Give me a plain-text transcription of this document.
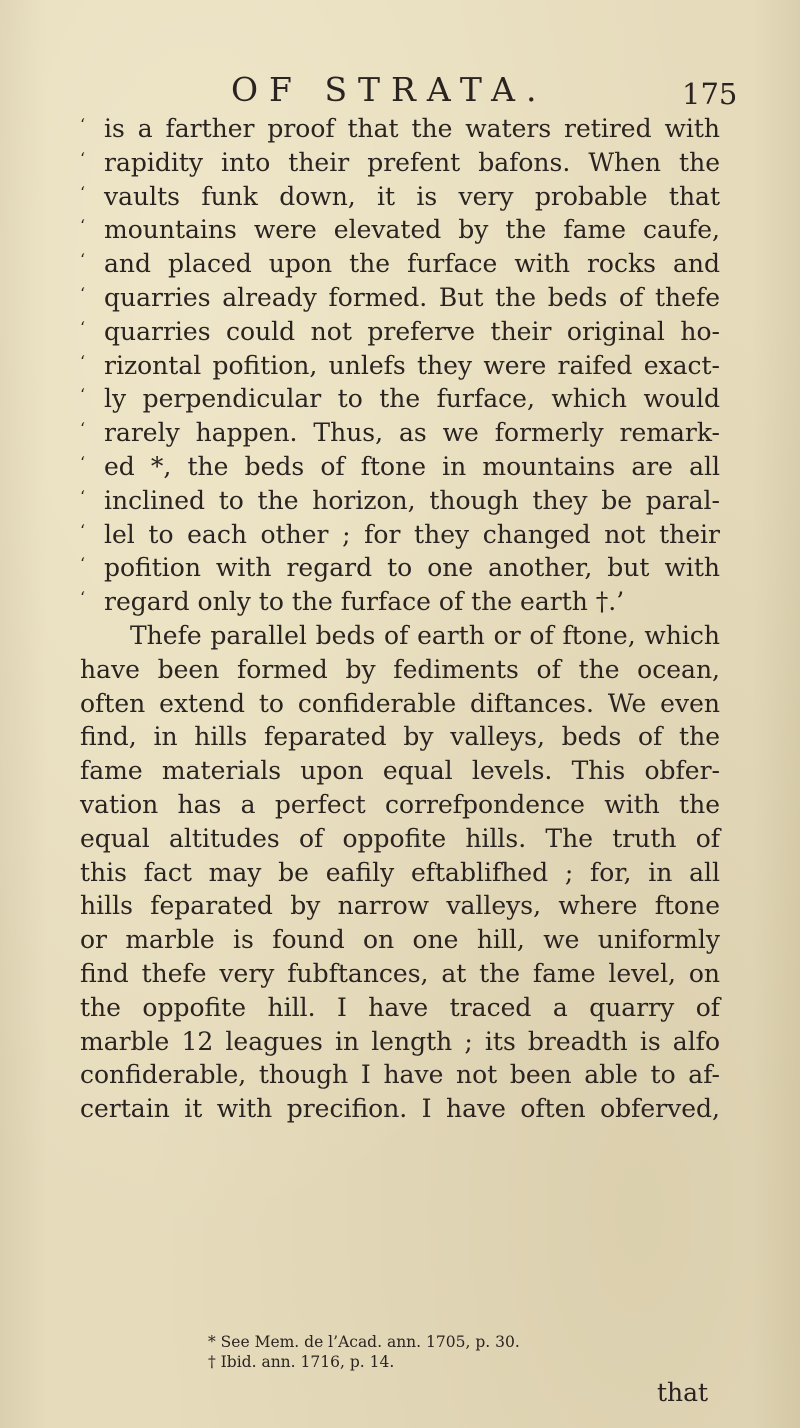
OF STRATA.	175
‘ is a farther proof that the waters retired with
‘ rapidity into their prefent bafons. When the
‘ vaults funk down, it is very probable that
‘ mountains were elevated by the fame caufe,
‘ and placed upon the furface with rocks and
‘ quarries already formed. But the beds of thefe
‘ quarries could not preferve their original ho-
‘ rizontal pofition, unlefs they were raifed exact-
‘ ly perpendicular to the furface, which would
‘ rarely happen. Thus, as we formerly remark-
‘ ed *, the beds of ftone in mountains are all
‘ inclined to the horizon, though they be paral-
‘ lel to each other ; for they changed not their
‘ pofition with regard to one another, but with
‘ regard only to the furface of the earth †.’
Thefe parallel beds of earth or of ftone, which
have been formed by fediments of the ocean,
often extend to confiderable diftances. We even
find, in hills feparated by valleys, beds of the
fame materials upon equal levels. This obfer-
vation has a perfect correfpondence with the
equal altitudes of oppofite hills. The truth of
this fact may be eafily eftablifhed ; for, in all
hills feparated by narrow valleys, where ftone
or marble is found on one hill, we uniformly
find thefe very fubftances, at the fame level, on
the oppofite hill. I have traced a quarry of
marble 12 leagues in length ; its breadth is alfo
confiderable, though I have not been able to af-
certain it with precifion. I have often obferved,
* See Mem. de l’Acad. ann. 1705, p. 30.
† Ibid. ann. 1716, p. 14.
that
